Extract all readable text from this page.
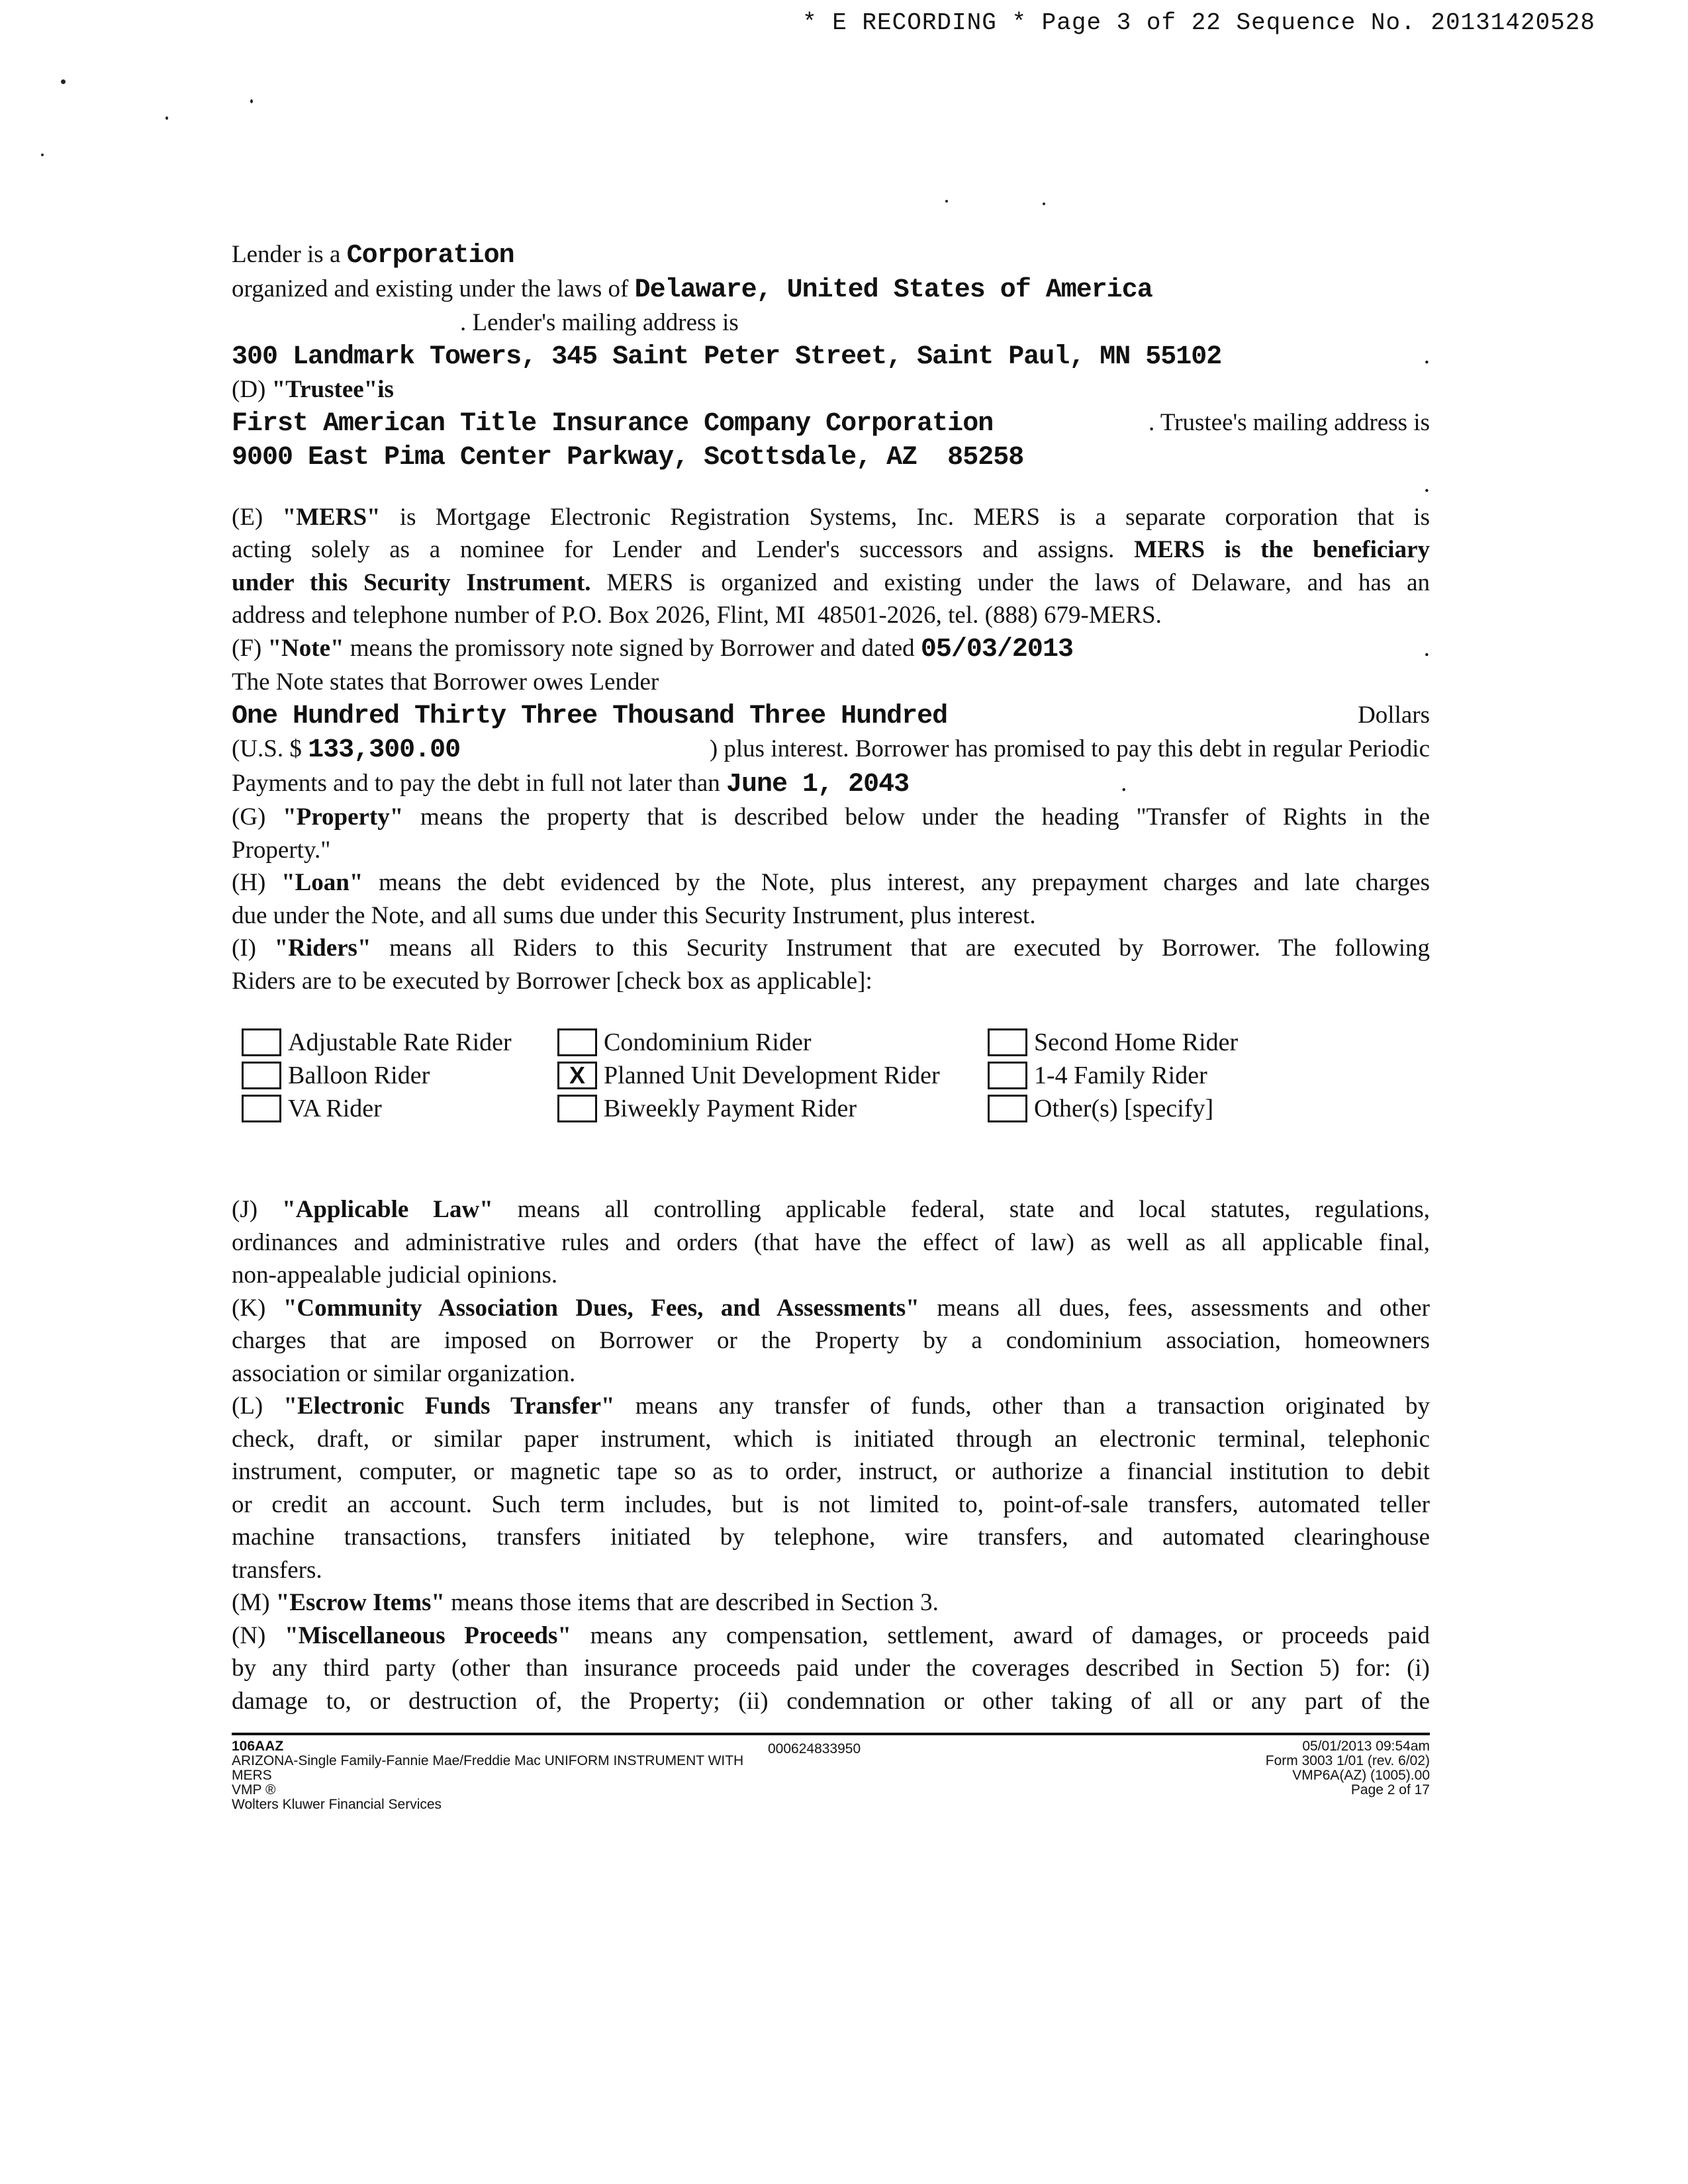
* E RECORDING * Page 3 of 22 Sequence No. 20131420528
Lender is a Corporation
organized and existing under the laws of Delaware, United States of America
. Lender's mailing address is
300 Landmark Towers, 345 Saint Peter Street, Saint Paul, MN 55102	.
(D) "Trustee"is
First American Title Insurance Company Corporation	. Trustee's mailing address is
9000 East Pima Center Parkway, Scottsdale, AZ  85258
.
(E) "MERS" is Mortgage Electronic Registration Systems, Inc. MERS is a separate corporation that is
acting solely as a nominee for Lender and Lender's successors and assigns. MERS is the beneficiary
under this Security Instrument. MERS is organized and existing under the laws of Delaware, and has an
address and telephone number of P.O. Box 2026, Flint, MI  48501-2026, tel. (888) 679-MERS.
(F) "Note" means the promissory note signed by Borrower and dated 05/03/2013	.
The Note states that Borrower owes Lender
One Hundred Thirty Three Thousand Three Hundred	Dollars
(U.S. $ 133,300.00	) plus interest. Borrower has promised to pay this debt in regular Periodic
Payments and to pay the debt in full not later than June 1, 2043	.
(G) "Property" means the property that is described below under the heading "Transfer of Rights in the
Property."
(H) "Loan" means the debt evidenced by the Note, plus interest, any prepayment charges and late charges
due under the Note, and all sums due under this Security Instrument, plus interest.
(I) "Riders" means all Riders to this Security Instrument that are executed by Borrower. The following
Riders are to be executed by Borrower [check box as applicable]:
Adjustable Rate Rider	Condominium Rider	Second Home Rider
Balloon Rider	X Planned Unit Development Rider	1-4 Family Rider
VA Rider	Biweekly Payment Rider	Other(s) [specify]
(J) "Applicable Law" means all controlling applicable federal, state and local statutes, regulations,
ordinances and administrative rules and orders (that have the effect of law) as well as all applicable final,
non-appealable judicial opinions.
(K) "Community Association Dues, Fees, and Assessments" means all dues, fees, assessments and other
charges that are imposed on Borrower or the Property by a condominium association, homeowners
association or similar organization.
(L) "Electronic Funds Transfer" means any transfer of funds, other than a transaction originated by
check, draft, or similar paper instrument, which is initiated through an electronic terminal, telephonic
instrument, computer, or magnetic tape so as to order, instruct, or authorize a financial institution to debit
or credit an account. Such term includes, but is not limited to, point-of-sale transfers, automated teller
machine transactions, transfers initiated by telephone, wire transfers, and automated clearinghouse
transfers.
(M) "Escrow Items" means those items that are described in Section 3.
(N) "Miscellaneous Proceeds" means any compensation, settlement, award of damages, or proceeds paid
by any third party (other than insurance proceeds paid under the coverages described in Section 5) for: (i)
damage to, or destruction of, the Property; (ii) condemnation or other taking of all or any part of the
106AAZ
ARIZONA-Single Family-Fannie Mae/Freddie Mac UNIFORM INSTRUMENT WITH MERS
VMP ®
Wolters Kluwer Financial Services
000624833950	05/01/2013 09:54am
Form 3003 1/01 (rev. 6/02)
VMP6A(AZ) (1005).00
Page 2 of 17
